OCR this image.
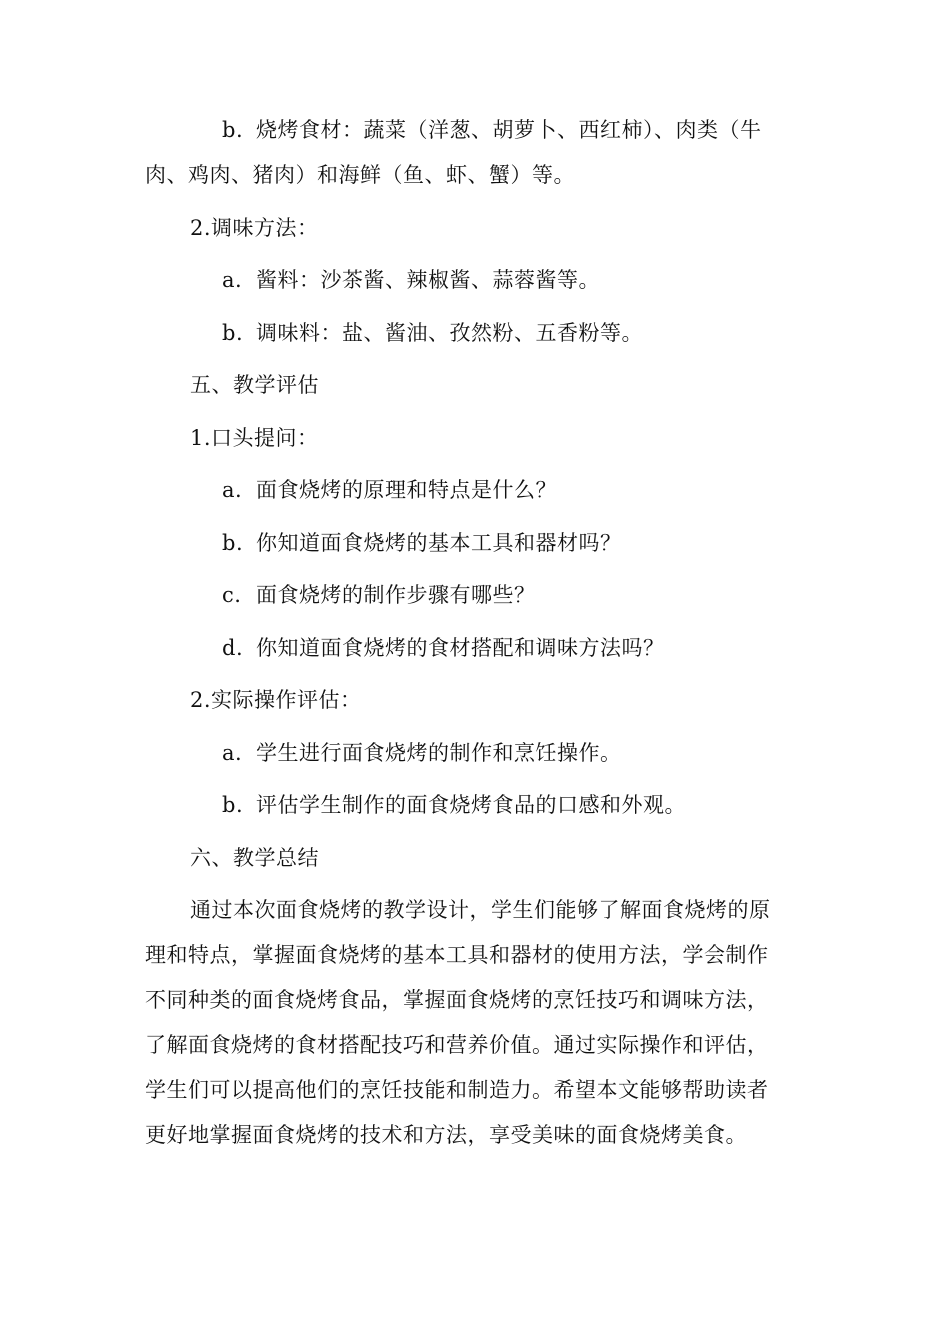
b. 烧烤食材：蔬菜（洋葱、胡萝卜、西红柿）、肉类（牛
肉、鸡肉、猪肉）和海鲜（鱼、虾、蟹）等。
2.调味方法：
a. 酱料：沙茶酱、辣椒酱、蒜蓉酱等。
b. 调味料：盐、酱油、孜然粉、五香粉等。
五、教学评估
1.口头提问：
a. 面食烧烤的原理和特点是什么？
b. 你知道面食烧烤的基本工具和器材吗？
c. 面食烧烤的制作步骤有哪些？
d. 你知道面食烧烤的食材搭配和调味方法吗？
2.实际操作评估：
a. 学生进行面食烧烤的制作和烹饪操作。
b. 评估学生制作的面食烧烤食品的口感和外观。
六、教学总结
通过本次面食烧烤的教学设计，学生们能够了解面食烧烤的原
理和特点，掌握面食烧烤的基本工具和器材的使用方法，学会制作
不同种类的面食烧烤食品，掌握面食烧烤的烹饪技巧和调味方法，
了解面食烧烤的食材搭配技巧和营养价值。通过实际操作和评估，
学生们可以提高他们的烹饪技能和制造力。希望本文能够帮助读者
更好地掌握面食烧烤的技术和方法，享受美味的面食烧烤美食。
